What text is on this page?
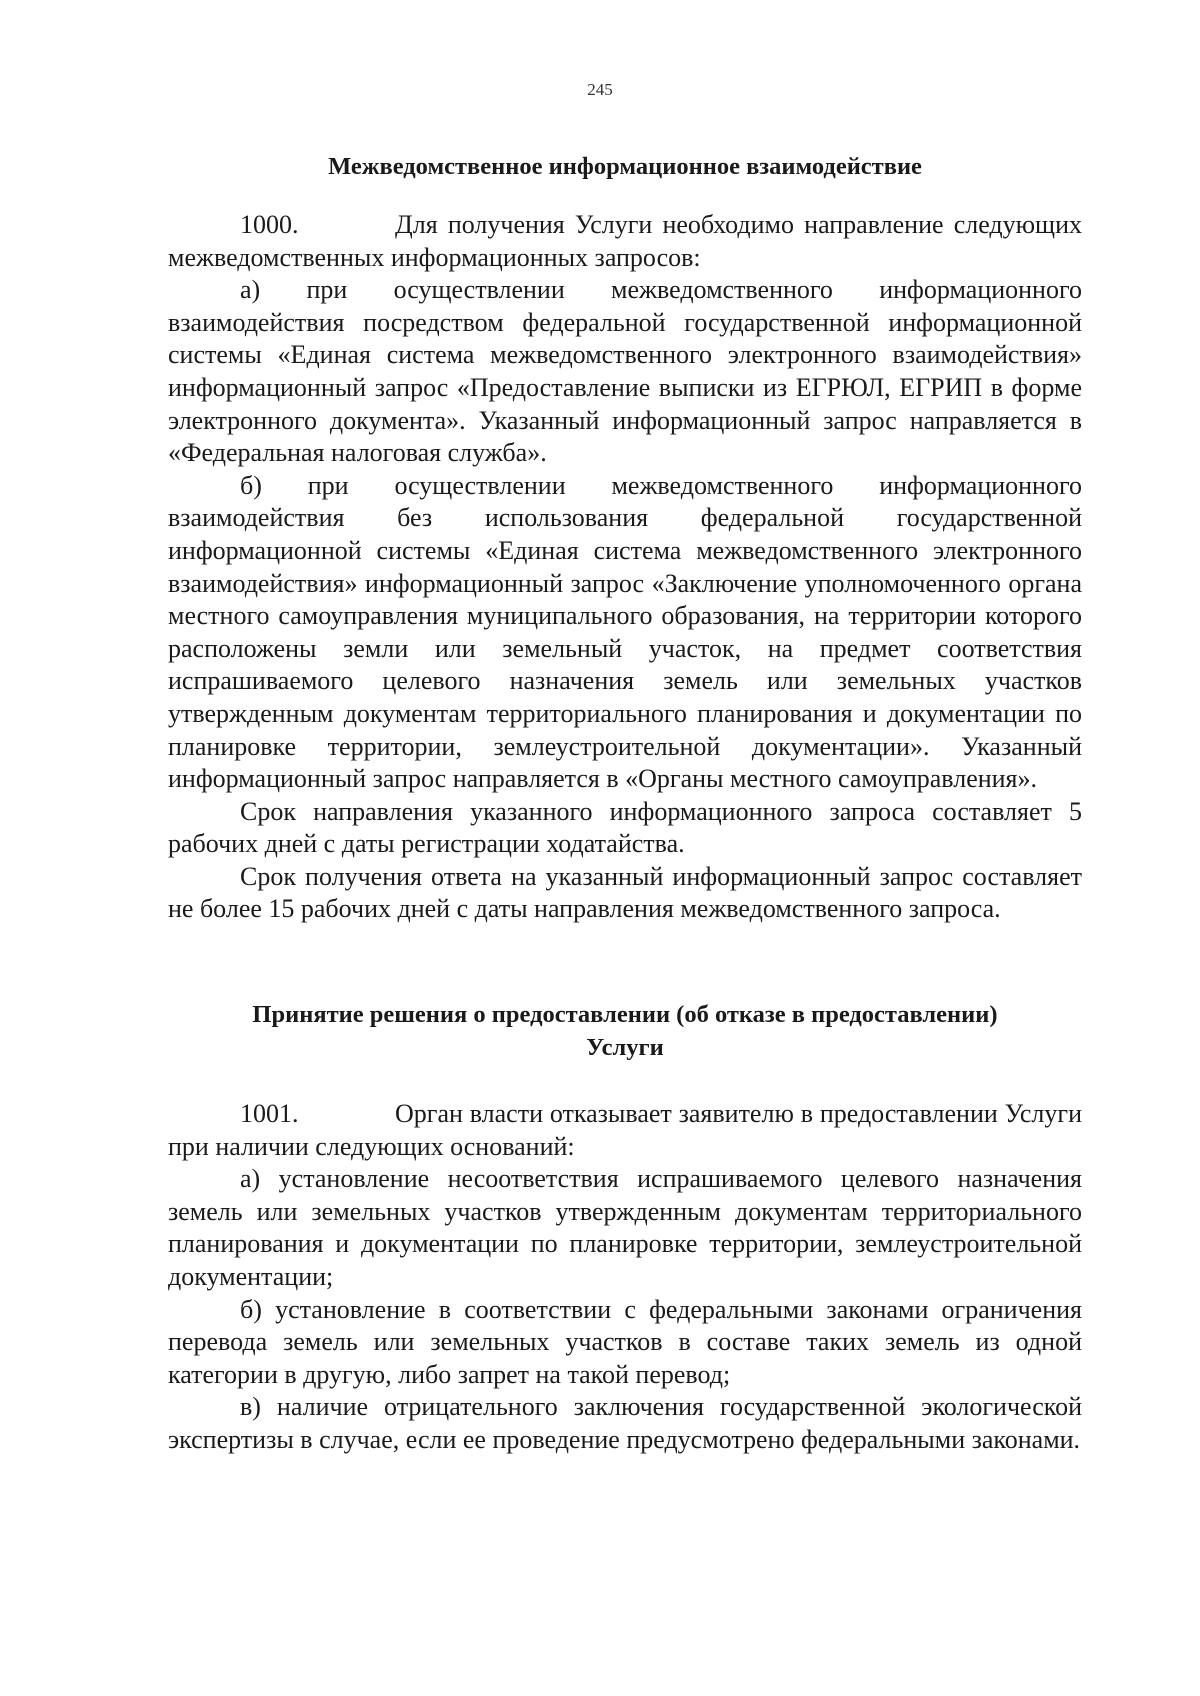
245
Межведомственное информационное взаимодействие

1000.	Для получения Услуги необходимо направление следующих межведомственных информационных запросов:

а) при осуществлении межведомственного информационного взаимодействия посредством федеральной государственной информационной системы «Единая система межведомственного электронного взаимодействия» информационный запрос «Предоставление выписки из ЕГРЮЛ, ЕГРИП в форме электронного документа». Указанный информационный запрос направляется в «Федеральная налоговая служба».

б) при осуществлении межведомственного информационного взаимодействия без использования федеральной государственной информационной системы «Единая система межведомственного электронного взаимодействия» информационный запрос «Заключение уполномоченного органа местного самоуправления муниципального образования, на территории которого расположены земли или земельный участок, на предмет соответствия испрашиваемого целевого назначения земель или земельных участков утвержденным документам территориального планирования и документации по планировке территории, землеустроительной документации». Указанный информационный запрос направляется в «Органы местного самоуправления».

Срок направления указанного информационного запроса составляет 5 рабочих дней с даты регистрации ходатайства.

Срок получения ответа на указанный информационный запрос составляет не более 15 рабочих дней с даты направления межведомственного запроса.

Принятие решения о предоставлении (об отказе в предоставлении)
Услуги

1001.	Орган власти отказывает заявителю в предоставлении Услуги при наличии следующих оснований:

а) установление несоответствия испрашиваемого целевого назначения земель или земельных участков утвержденным документам территориального планирования и документации по планировке территории, землеустроительной документации;

б) установление в соответствии с федеральными законами ограничения перевода земель или земельных участков в составе таких земель из одной категории в другую, либо запрет на такой перевод;

в) наличие отрицательного заключения государственной экологической экспертизы в случае, если ее проведение предусмотрено федеральными законами.
